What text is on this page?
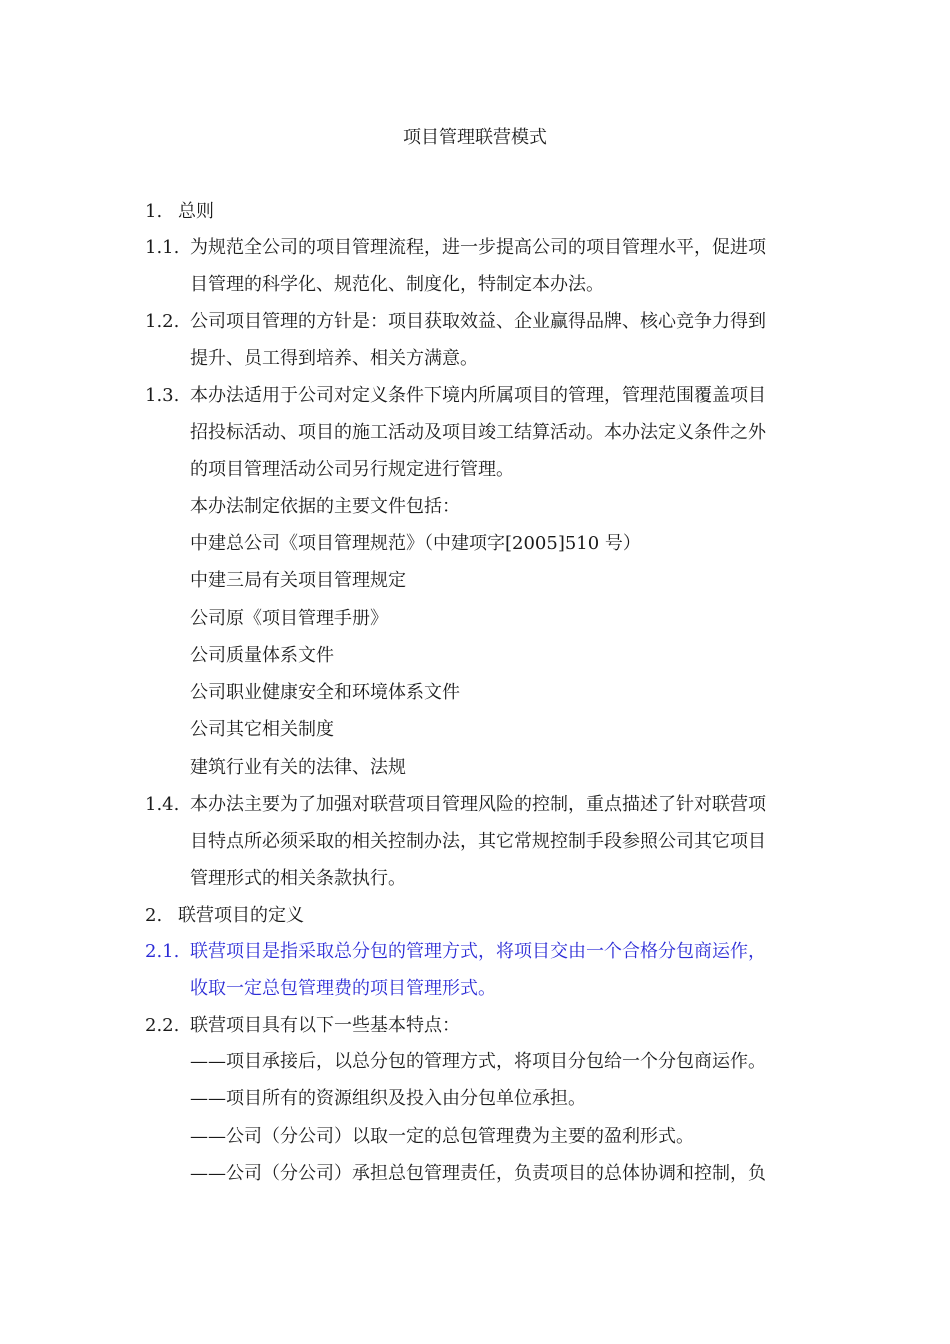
项目管理联营模式
1. 总则
1.1. 为规范全公司的项目管理流程，进一步提高公司的项目管理水平，促进项
目管理的科学化、规范化、制度化，特制定本办法。
1.2. 公司项目管理的方针是：项目获取效益、企业赢得品牌、核心竞争力得到
提升、员工得到培养、相关方满意。
1.3. 本办法适用于公司对定义条件下境内所属项目的管理，管理范围覆盖项目
招投标活动、项目的施工活动及项目竣工结算活动。本办法定义条件之外
的项目管理活动公司另行规定进行管理。
本办法制定依据的主要文件包括：
中建总公司《项目管理规范》（中建项字[2005]510 号）
中建三局有关项目管理规定
公司原《项目管理手册》
公司质量体系文件
公司职业健康安全和环境体系文件
公司其它相关制度
建筑行业有关的法律、法规
1.4. 本办法主要为了加强对联营项目管理风险的控制，重点描述了针对联营项
目特点所必须采取的相关控制办法，其它常规控制手段参照公司其它项目
管理形式的相关条款执行。
2. 联营项目的定义
2.1. 联营项目是指采取总分包的管理方式，将项目交由一个合格分包商运作，
收取一定总包管理费的项目管理形式。
2.2. 联营项目具有以下一些基本特点：
——项目承接后，以总分包的管理方式，将项目分包给一个分包商运作。
——项目所有的资源组织及投入由分包单位承担。
——公司（分公司）以取一定的总包管理费为主要的盈利形式。
——公司（分公司）承担总包管理责任，负责项目的总体协调和控制，负
